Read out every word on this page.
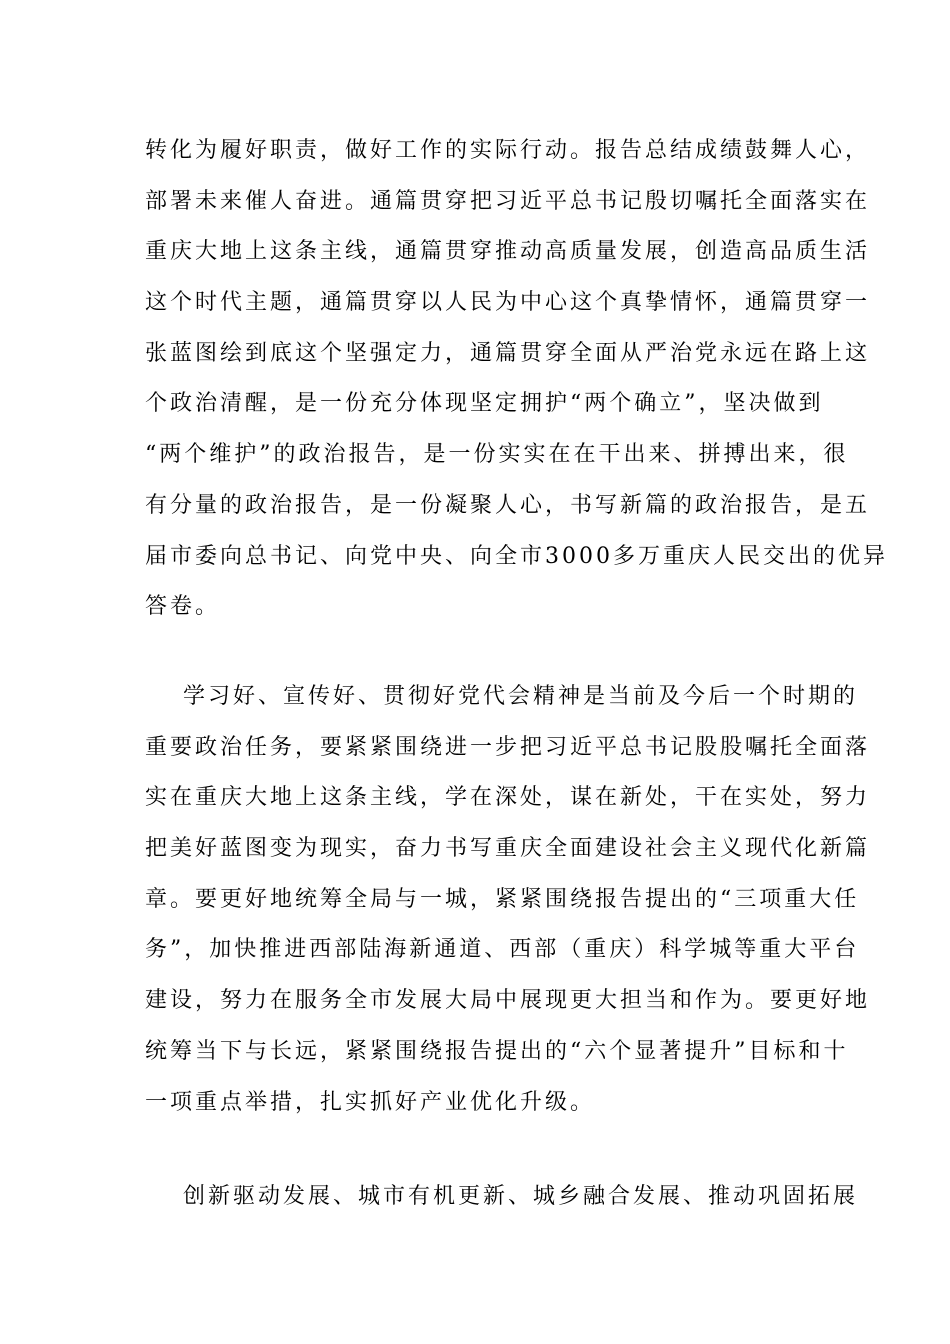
转化为履好职责，做好工作的实际行动。报告总结成绩鼓舞人心，
部署未来催人奋进。通篇贯穿把习近平总书记殷切嘱托全面落实在
重庆大地上这条主线，通篇贯穿推动高质量发展，创造高品质生活
这个时代主题，通篇贯穿以人民为中心这个真挚情怀，通篇贯穿一
张蓝图绘到底这个坚强定力，通篇贯穿全面从严治党永远在路上这
个政治清醒，是一份充分体现坚定拥护“两个确立”，坚决做到
“两个维护”的政治报告，是一份实实在在干出来、拼搏出来，很
有分量的政治报告，是一份凝聚人心，书写新篇的政治报告，是五
届市委向总书记、向党中央、向全市3000多万重庆人民交出的优异
答卷。
学习好、宣传好、贯彻好党代会精神是当前及今后一个时期的
重要政治任务，要紧紧围绕进一步把习近平总书记股股嘱托全面落
实在重庆大地上这条主线，学在深处，谋在新处，干在实处，努力
把美好蓝图变为现实，奋力书写重庆全面建设社会主义现代化新篇
章。要更好地统筹全局与一城，紧紧围绕报告提出的“三项重大任
务”，加快推进西部陆海新通道、西部（重庆）科学城等重大平台
建设，努力在服务全市发展大局中展现更大担当和作为。要更好地
统筹当下与长远，紧紧围绕报告提出的“六个显著提升”目标和十
一项重点举措，扎实抓好产业优化升级。
创新驱动发展、城市有机更新、城乡融合发展、推动巩固拓展
